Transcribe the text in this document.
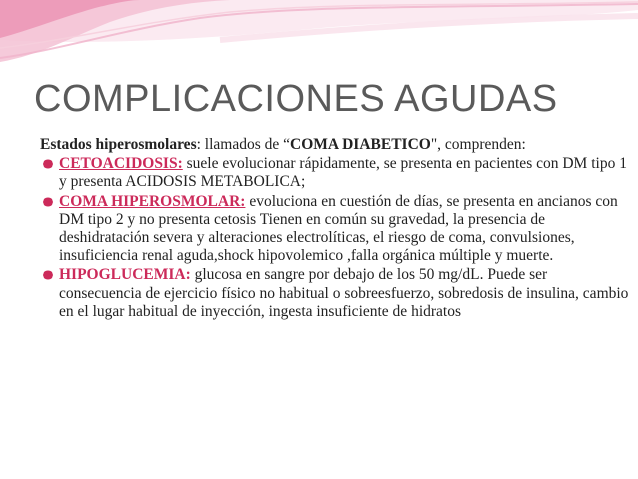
COMPLICACIONES AGUDAS

Estados hiperosmolares: llamados de “COMA DIABETICO", comprenden:

CETOACIDOSIS: suele evolucionar rápidamente, se presenta en pacientes con DM tipo 1 y presenta ACIDOSIS METABOLICA;
COMA HIPEROSMOLAR: evoluciona en cuestión de días, se presenta en ancianos con DM tipo 2 y no presenta cetosis Tienen en común su gravedad, la presencia de deshidratación severa y alteraciones electrolíticas, el riesgo de coma, convulsiones, insuficiencia renal aguda,shock hipovolemico ,falla orgánica múltiple y muerte.
HIPOGLUCEMIA: glucosa en sangre por debajo de los 50 mg/dL. Puede ser consecuencia de ejercicio físico no habitual o sobreesfuerzo, sobredosis de insulina, cambio en el lugar habitual de inyección, ingesta insuficiente de hidratos
